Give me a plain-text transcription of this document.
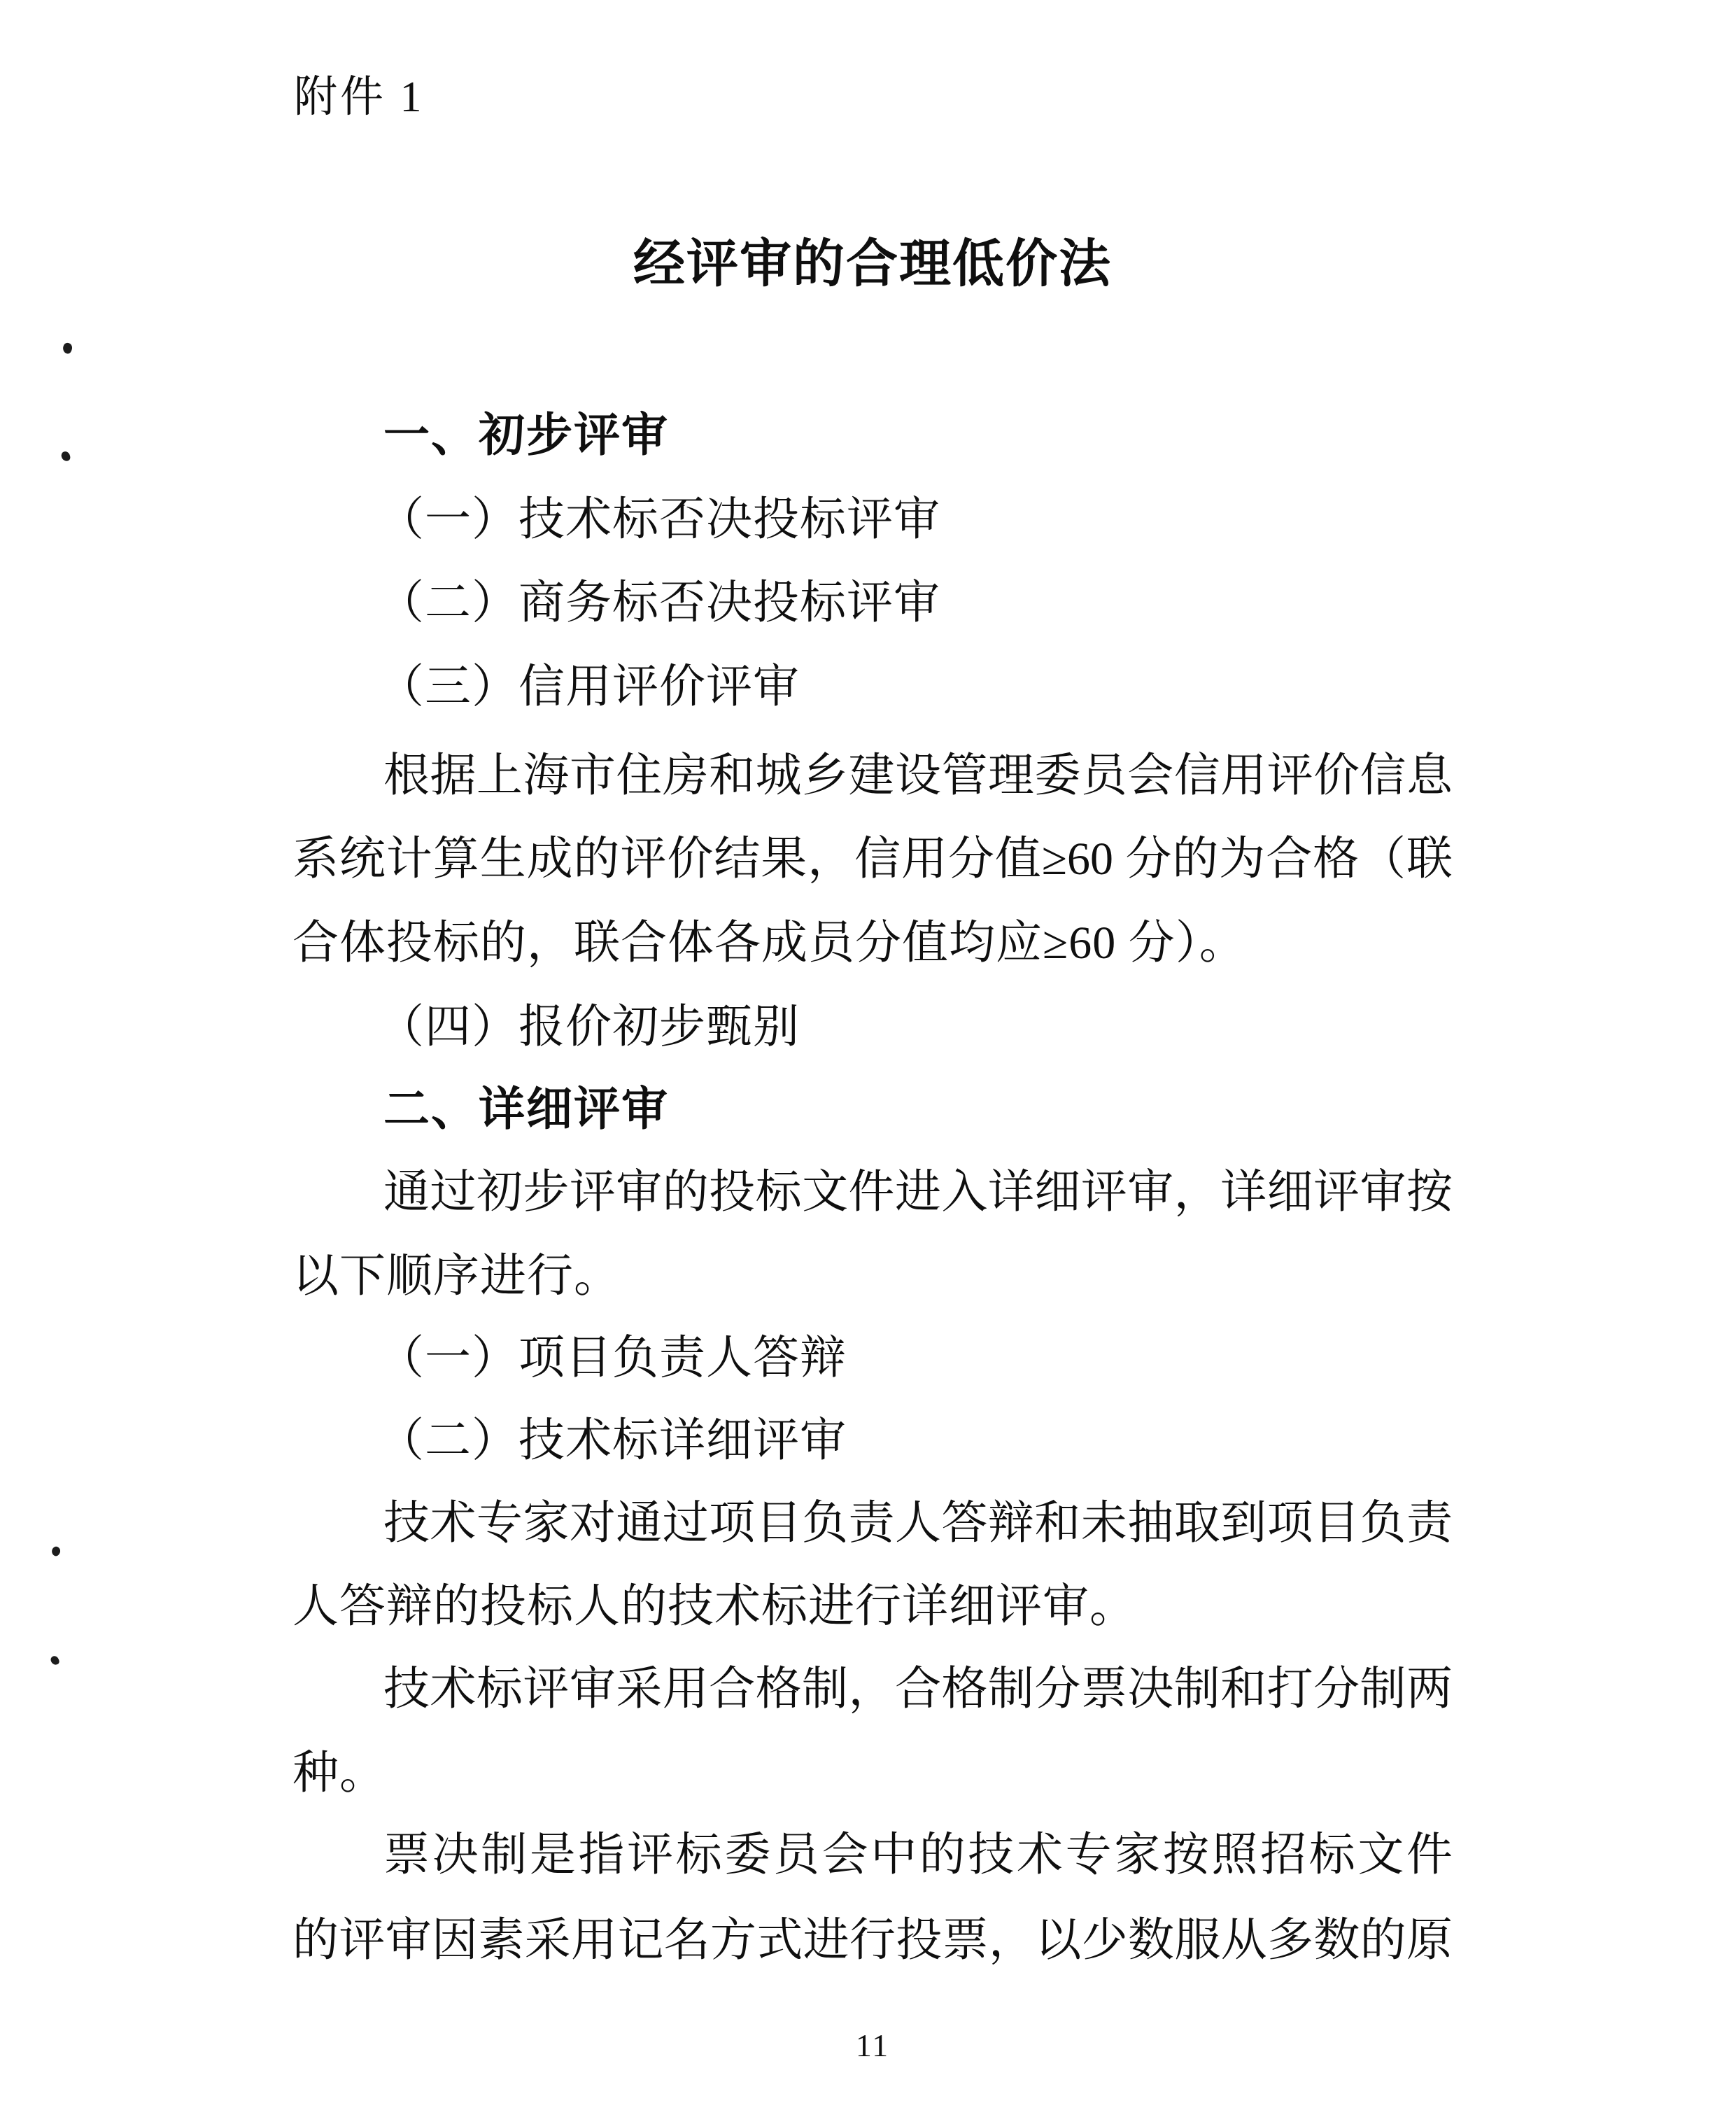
附件 1
经评审的合理低价法
一、初步评审
（一）技术标否决投标评审
（二）商务标否决投标评审
（三）信用评价评审
根据上海市住房和城乡建设管理委员会信用评价信息
系统计算生成的评价结果，信用分值≥60 分的为合格（联
合体投标的，联合体各成员分值均应≥60 分）。
（四）报价初步甄别
二、详细评审
通过初步评审的投标文件进入详细评审，详细评审按
以下顺序进行。
（一）项目负责人答辩
（二）技术标详细评审
技术专家对通过项目负责人答辩和未抽取到项目负责
人答辩的投标人的技术标进行详细评审。
技术标评审采用合格制，合格制分票决制和打分制两
种。
票决制是指评标委员会中的技术专家按照招标文件
的评审因素采用记名方式进行投票，以少数服从多数的原
11
